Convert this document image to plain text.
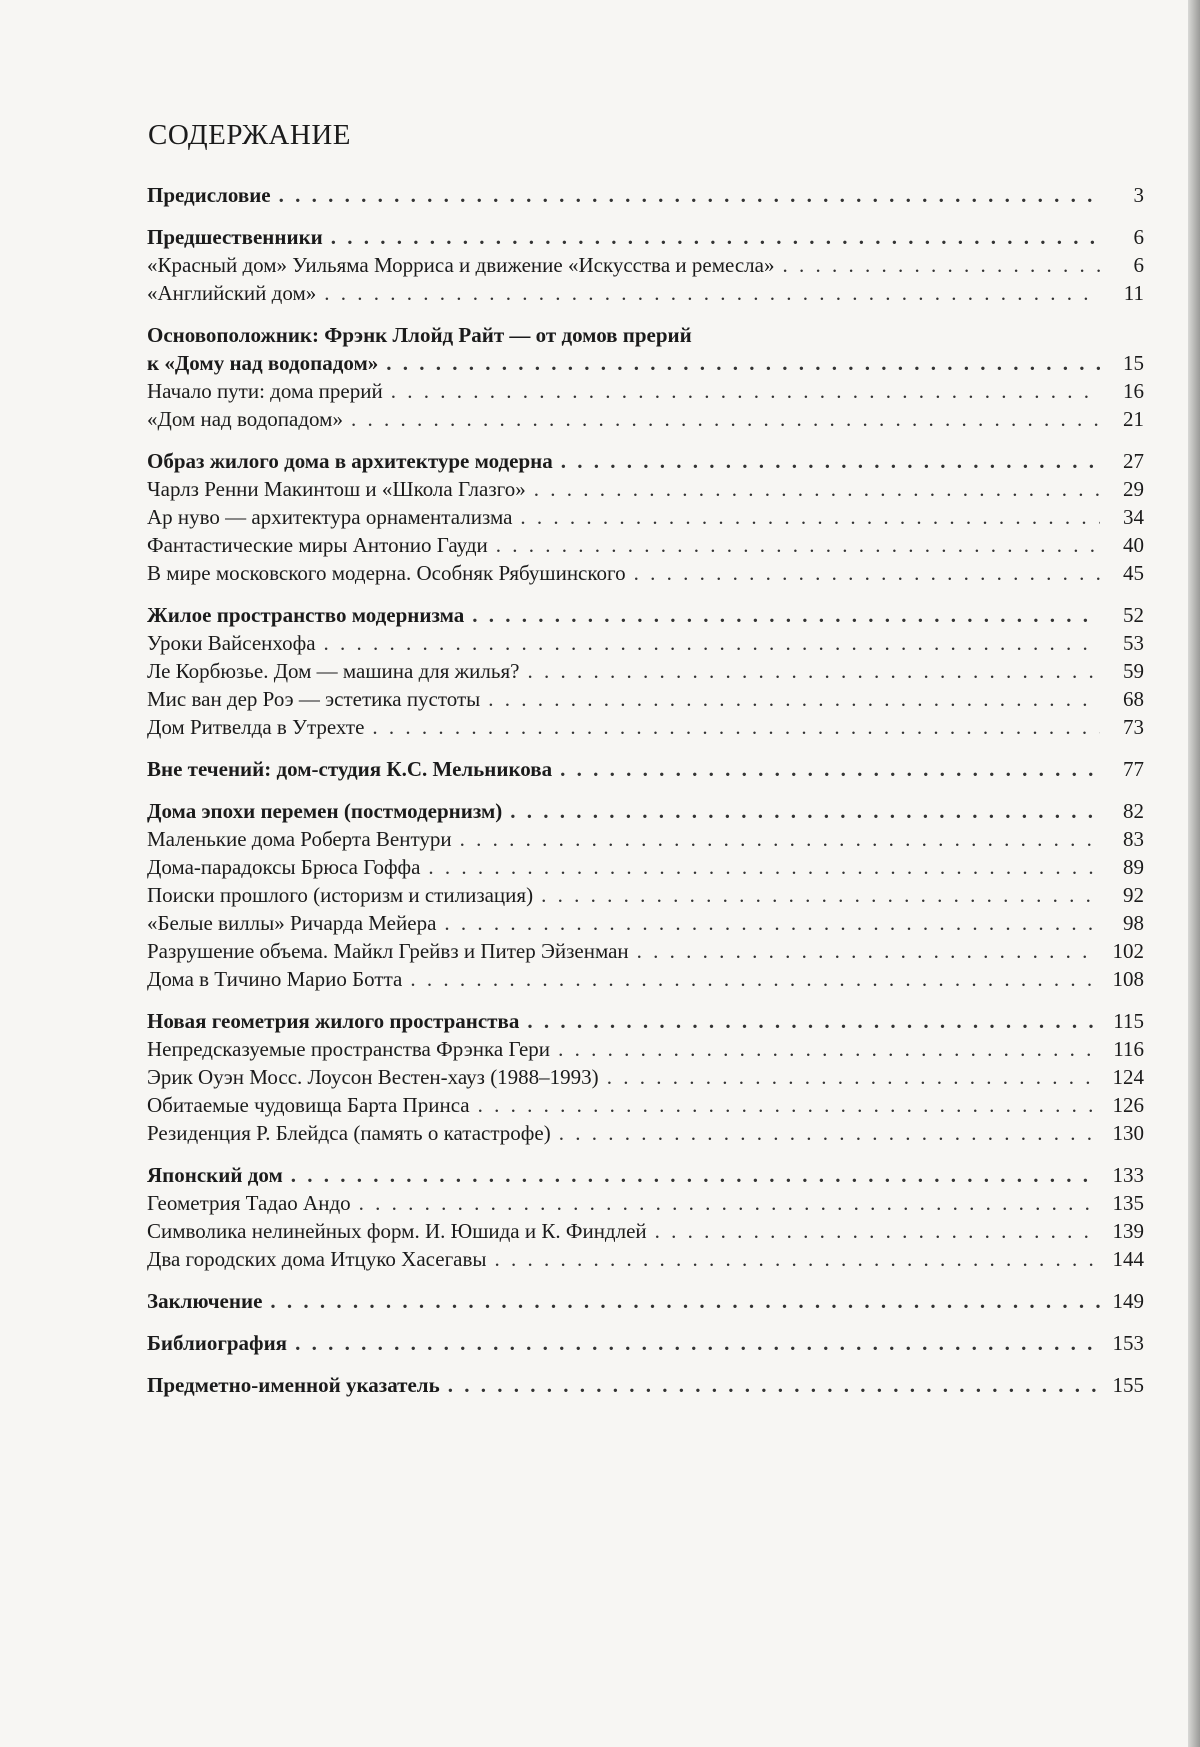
СОДЕРЖАНИЕ
Предисловие . . .	3
Предшественники . . .	6
«Красный дом» Уильяма Морриса и движение «Искусства и ремесла» . . .	6
«Английский дом» . . .	11
Основоположник: Фрэнк Ллойд Райт — от домов прерий
к «Дому над водопадом» . . .	15
Начало пути: дома прерий . . .	16
«Дом над водопадом» . . .	21
Образ жилого дома в архитектуре модерна . . .	27
Чарлз Ренни Макинтош и «Школа Глазго» . . .	29
Ар нуво — архитектура орнаментализма . . .	34
Фантастические миры Антонио Гауди . . .	40
В мире московского модерна. Особняк Рябушинского . . .	45
Жилое пространство модернизма . . .	52
Уроки Вайсенхофа . . .	53
Ле Корбюзье. Дом — машина для жилья? . . .	59
Мис ван дер Роэ — эстетика пустоты . . .	68
Дом Ритвелда в Утрехте . . .	73
Вне течений: дом-студия К.С. Мельникова . . .	77
Дома эпохи перемен (постмодернизм) . . .	82
Маленькие дома Роберта Вентури . . .	83
Дома-парадоксы Брюса Гоффа . . .	89
Поиски прошлого (историзм и стилизация) . . .	92
«Белые виллы» Ричарда Мейера . . .	98
Разрушение объема. Майкл Грейвз и Питер Эйзенман . . .	102
Дома в Тичино Марио Ботта . . .	108
Новая геометрия жилого пространства . . .	115
Непредсказуемые пространства Фрэнка Гери . . .	116
Эрик Оуэн Мосс. Лоусон Вестен-хауз (1988–1993) . . .	124
Обитаемые чудовища Барта Принса . . .	126
Резиденция Р. Блейдса (память о катастрофе) . . .	130
Японский дом . . .	133
Геометрия Тадао Андо . . .	135
Символика нелинейных форм. И. Юшида и К. Финдлей . . .	139
Два городских дома Итцуко Хасегавы . . .	144
Заключение . . .	149
Библиография . . .	153
Предметно-именной указатель . . .	155
